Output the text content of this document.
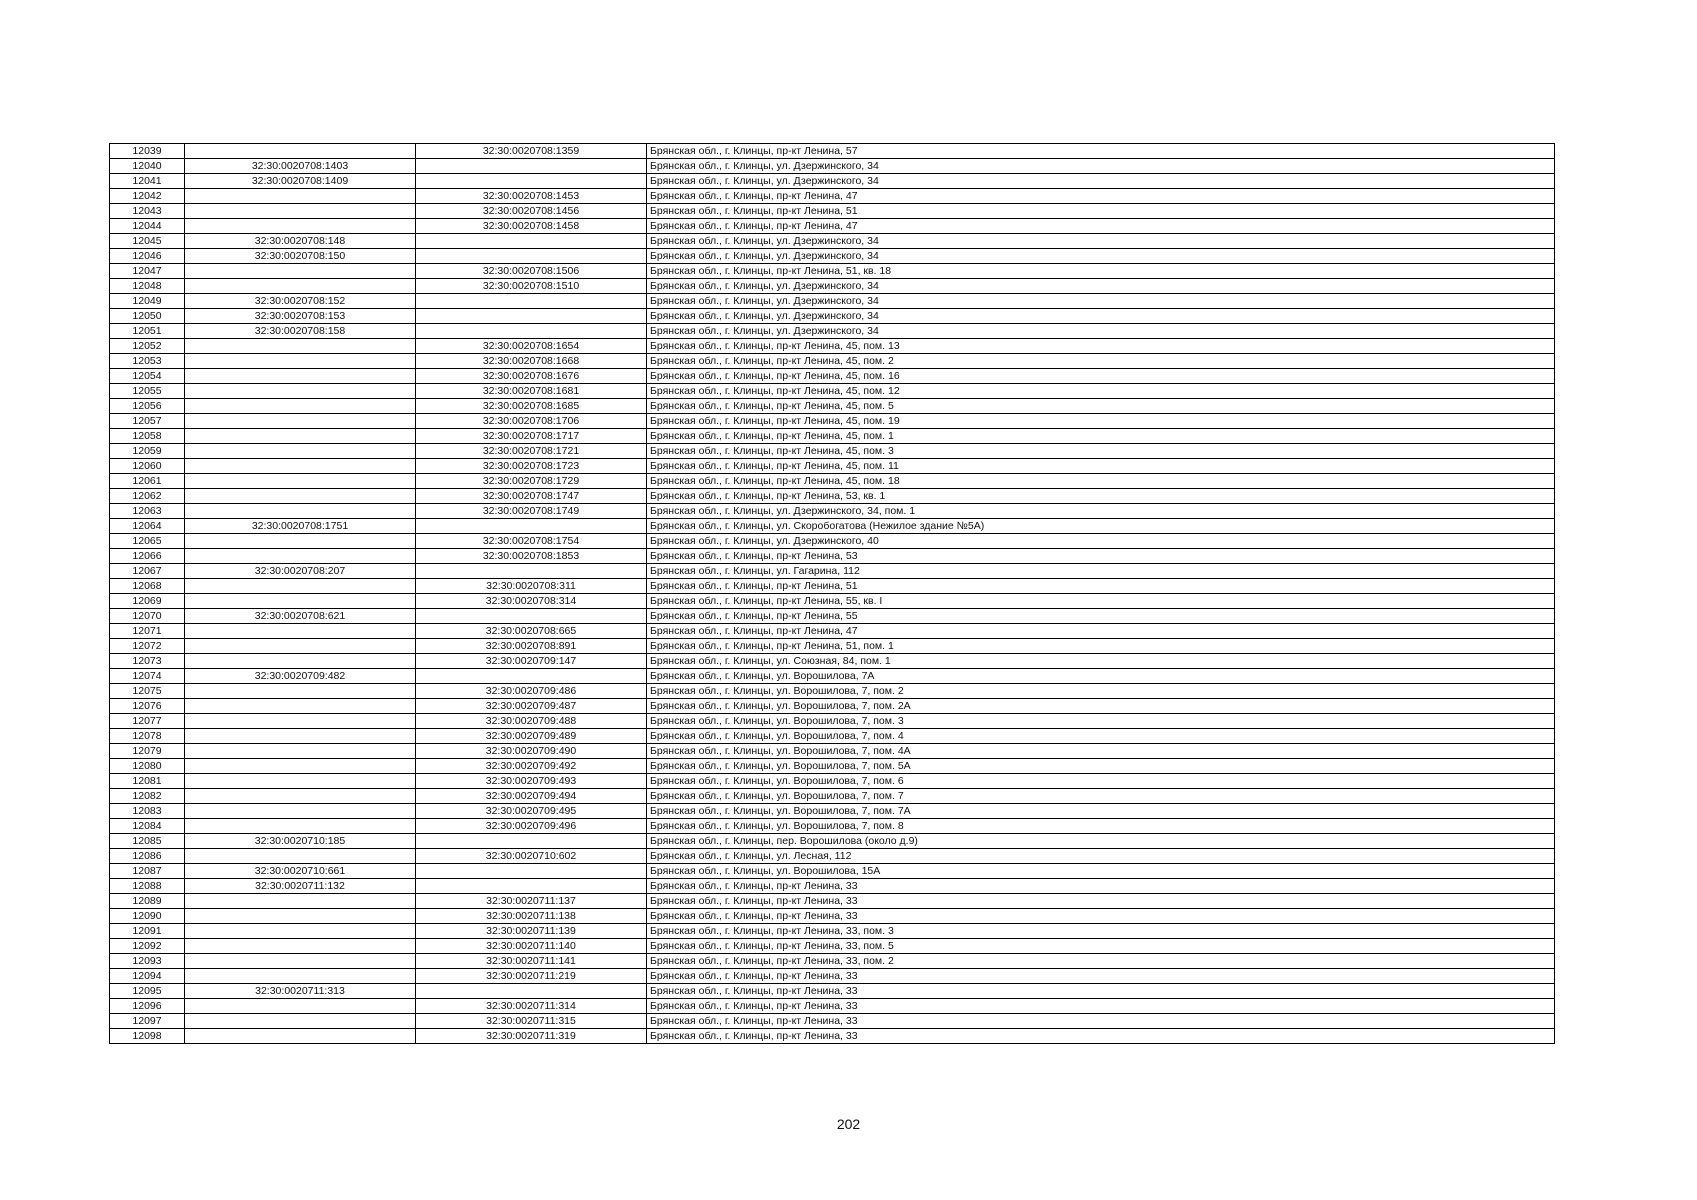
12039		32:30:0020708:1359	Брянская обл., г. Клинцы, пр-кт Ленина, 57
12040	32:30:0020708:1403		Брянская обл., г. Клинцы, ул. Дзержинского, 34
12041	32:30:0020708:1409		Брянская обл., г. Клинцы, ул. Дзержинского, 34
12042		32:30:0020708:1453	Брянская обл., г. Клинцы, пр-кт Ленина, 47
12043		32:30:0020708:1456	Брянская обл., г. Клинцы, пр-кт Ленина, 51
12044		32:30:0020708:1458	Брянская обл., г. Клинцы, пр-кт Ленина, 47
12045	32:30:0020708:148		Брянская обл., г. Клинцы, ул. Дзержинского, 34
12046	32:30:0020708:150		Брянская обл., г. Клинцы, ул. Дзержинского, 34
12047		32:30:0020708:1506	Брянская обл., г. Клинцы, пр-кт Ленина, 51, кв. 18
12048		32:30:0020708:1510	Брянская обл., г. Клинцы, ул. Дзержинского, 34
12049	32:30:0020708:152		Брянская обл., г. Клинцы, ул. Дзержинского, 34
12050	32:30:0020708:153		Брянская обл., г. Клинцы, ул. Дзержинского, 34
12051	32:30:0020708:158		Брянская обл., г. Клинцы, ул. Дзержинского, 34
12052		32:30:0020708:1654	Брянская обл., г. Клинцы, пр-кт Ленина, 45, пом. 13
12053		32:30:0020708:1668	Брянская обл., г. Клинцы, пр-кт Ленина, 45, пом. 2
12054		32:30:0020708:1676	Брянская обл., г. Клинцы, пр-кт Ленина, 45, пом. 16
12055		32:30:0020708:1681	Брянская обл., г. Клинцы, пр-кт Ленина, 45, пом. 12
12056		32:30:0020708:1685	Брянская обл., г. Клинцы, пр-кт Ленина, 45, пом. 5
12057		32:30:0020708:1706	Брянская обл., г. Клинцы, пр-кт Ленина, 45, пом. 19
12058		32:30:0020708:1717	Брянская обл., г. Клинцы, пр-кт Ленина, 45, пом. 1
12059		32:30:0020708:1721	Брянская обл., г. Клинцы, пр-кт Ленина, 45, пом. 3
12060		32:30:0020708:1723	Брянская обл., г. Клинцы, пр-кт Ленина, 45, пом. 11
12061		32:30:0020708:1729	Брянская обл., г. Клинцы, пр-кт Ленина, 45, пом. 18
12062		32:30:0020708:1747	Брянская обл., г. Клинцы, пр-кт Ленина, 53, кв. 1
12063		32:30:0020708:1749	Брянская обл., г. Клинцы, ул. Дзержинского, 34, пом. 1
12064	32:30:0020708:1751		Брянская обл., г. Клинцы, ул. Скоробогатова (Нежилое здание №5А)
12065		32:30:0020708:1754	Брянская обл., г. Клинцы, ул. Дзержинского, 40
12066		32:30:0020708:1853	Брянская обл., г. Клинцы, пр-кт Ленина, 53
12067	32:30:0020708:207		Брянская обл., г. Клинцы, ул. Гагарина, 112
12068		32:30:0020708:311	Брянская обл., г. Клинцы, пр-кт Ленина, 51
12069		32:30:0020708:314	Брянская обл., г. Клинцы, пр-кт Ленина, 55, кв. I
12070	32:30:0020708:621		Брянская обл., г. Клинцы, пр-кт Ленина, 55
12071		32:30:0020708:665	Брянская обл., г. Клинцы, пр-кт Ленина, 47
12072		32:30:0020708:891	Брянская обл., г. Клинцы, пр-кт Ленина, 51, пом. 1
12073		32:30:0020709:147	Брянская обл., г. Клинцы, ул. Союзная, 84, пом. 1
12074	32:30:0020709:482		Брянская обл., г. Клинцы, ул. Ворошилова, 7А
12075		32:30:0020709:486	Брянская обл., г. Клинцы, ул. Ворошилова, 7, пом. 2
12076		32:30:0020709:487	Брянская обл., г. Клинцы, ул. Ворошилова, 7, пом. 2А
12077		32:30:0020709:488	Брянская обл., г. Клинцы, ул. Ворошилова, 7, пом. 3
12078		32:30:0020709:489	Брянская обл., г. Клинцы, ул. Ворошилова, 7, пом. 4
12079		32:30:0020709:490	Брянская обл., г. Клинцы, ул. Ворошилова, 7, пом. 4А
12080		32:30:0020709:492	Брянская обл., г. Клинцы, ул. Ворошилова, 7, пом. 5А
12081		32:30:0020709:493	Брянская обл., г. Клинцы, ул. Ворошилова, 7, пом. 6
12082		32:30:0020709:494	Брянская обл., г. Клинцы, ул. Ворошилова, 7, пом. 7
12083		32:30:0020709:495	Брянская обл., г. Клинцы, ул. Ворошилова, 7, пом. 7А
12084		32:30:0020709:496	Брянская обл., г. Клинцы, ул. Ворошилова, 7, пом. 8
12085	32:30:0020710:185		Брянская обл., г. Клинцы, пер. Ворошилова (около д.9)
12086		32:30:0020710:602	Брянская обл., г. Клинцы, ул. Лесная, 112
12087	32:30:0020710:661		Брянская обл., г. Клинцы, ул. Ворошилова, 15А
12088	32:30:0020711:132		Брянская обл., г. Клинцы, пр-кт Ленина, 33
12089		32:30:0020711:137	Брянская обл., г. Клинцы, пр-кт Ленина, 33
12090		32:30:0020711:138	Брянская обл., г. Клинцы, пр-кт Ленина, 33
12091		32:30:0020711:139	Брянская обл., г. Клинцы, пр-кт Ленина, 33, пом. 3
12092		32:30:0020711:140	Брянская обл., г. Клинцы, пр-кт Ленина, 33, пом. 5
12093		32:30:0020711:141	Брянская обл., г. Клинцы, пр-кт Ленина, 33, пом. 2
12094		32:30:0020711:219	Брянская обл., г. Клинцы, пр-кт Ленина, 33
12095	32:30:0020711:313		Брянская обл., г. Клинцы, пр-кт Ленина, 33
12096		32:30:0020711:314	Брянская обл., г. Клинцы, пр-кт Ленина, 33
12097		32:30:0020711:315	Брянская обл., г. Клинцы, пр-кт Ленина, 33
12098		32:30:0020711:319	Брянская обл., г. Клинцы, пр-кт Ленина, 33
202
